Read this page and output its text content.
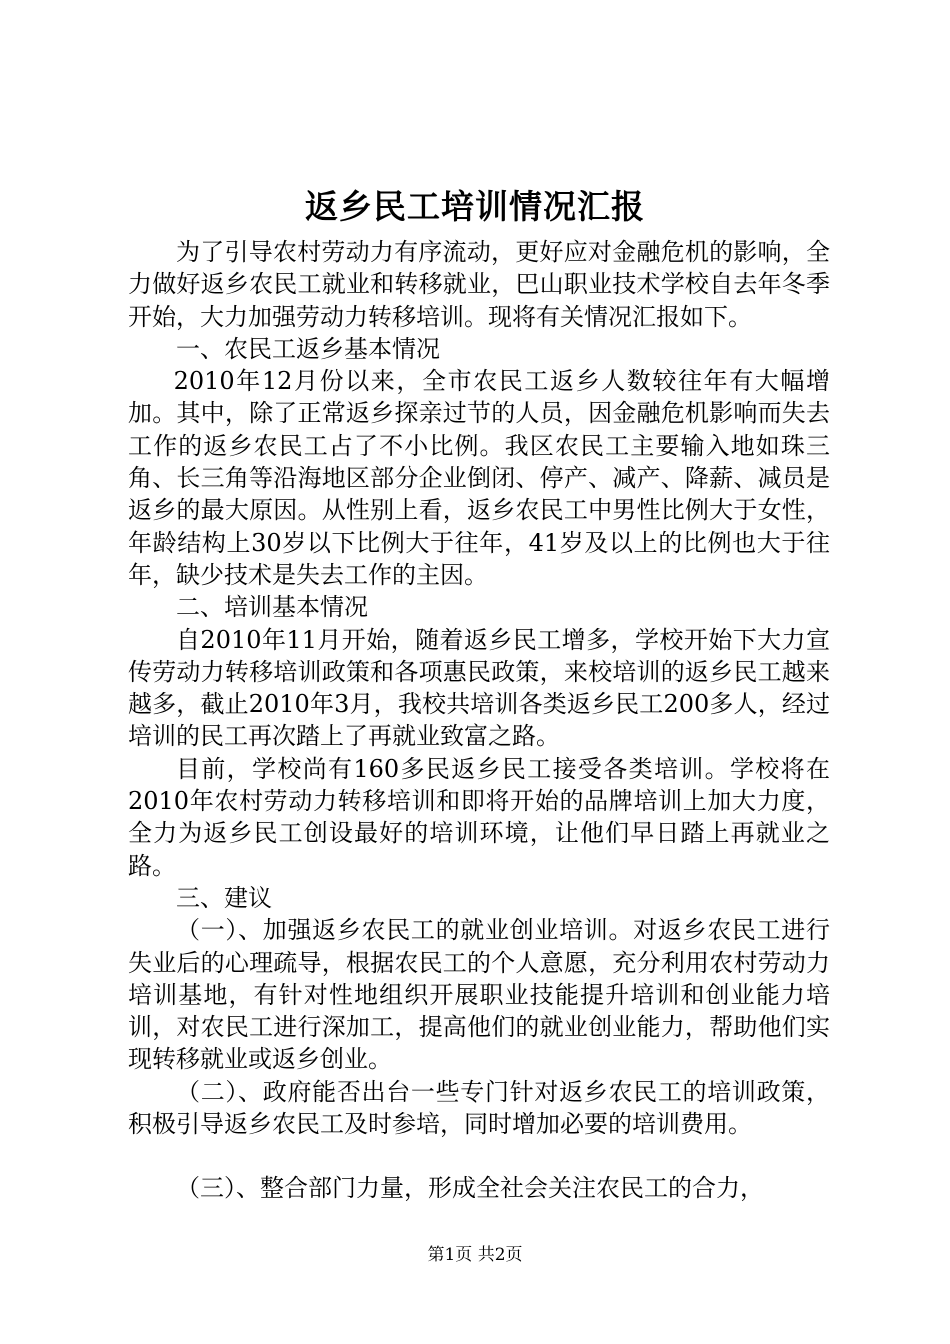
返乡民工培训情况汇报

为了引导农村劳动力有序流动，更好应对金融危机的影响，全力做好返乡农民工就业和转移就业，巴山职业技术学校自去年冬季开始，大力加强劳动力转移培训。现将有关情况汇报如下。

一、农民工返乡基本情况

2010年12月份以来，全市农民工返乡人数较往年有大幅增加。其中，除了正常返乡探亲过节的人员，因金融危机影响而失去工作的返乡农民工占了不小比例。我区农民工主要输入地如珠三角、长三角等沿海地区部分企业倒闭、停产、减产、降薪、减员是返乡的最大原因。从性别上看，返乡农民工中男性比例大于女性，年龄结构上30岁以下比例大于往年，41岁及以上的比例也大于往年，缺少技术是失去工作的主因。

二、培训基本情况

自2010年11月开始，随着返乡民工增多，学校开始下大力宣传劳动力转移培训政策和各项惠民政策，来校培训的返乡民工越来越多，截止2010年3月，我校共培训各类返乡民工200多人，经过培训的民工再次踏上了再就业致富之路。

目前，学校尚有160多民返乡民工接受各类培训。学校将在2010年农村劳动力转移培训和即将开始的品牌培训上加大力度，全力为返乡民工创设最好的培训环境，让他们早日踏上再就业之路。

三、建议

（一）、加强返乡农民工的就业创业培训。对返乡农民工进行失业后的心理疏导，根据农民工的个人意愿，充分利用农村劳动力培训基地，有针对性地组织开展职业技能提升培训和创业能力培训，对农民工进行深加工，提高他们的就业创业能力，帮助他们实现转移就业或返乡创业。

（二）、政府能否出台一些专门针对返乡农民工的培训政策，积极引导返乡农民工及时参培，同时增加必要的培训费用。

（三）、整合部门力量，形成全社会关注农民工的合力，

第1页 共2页
